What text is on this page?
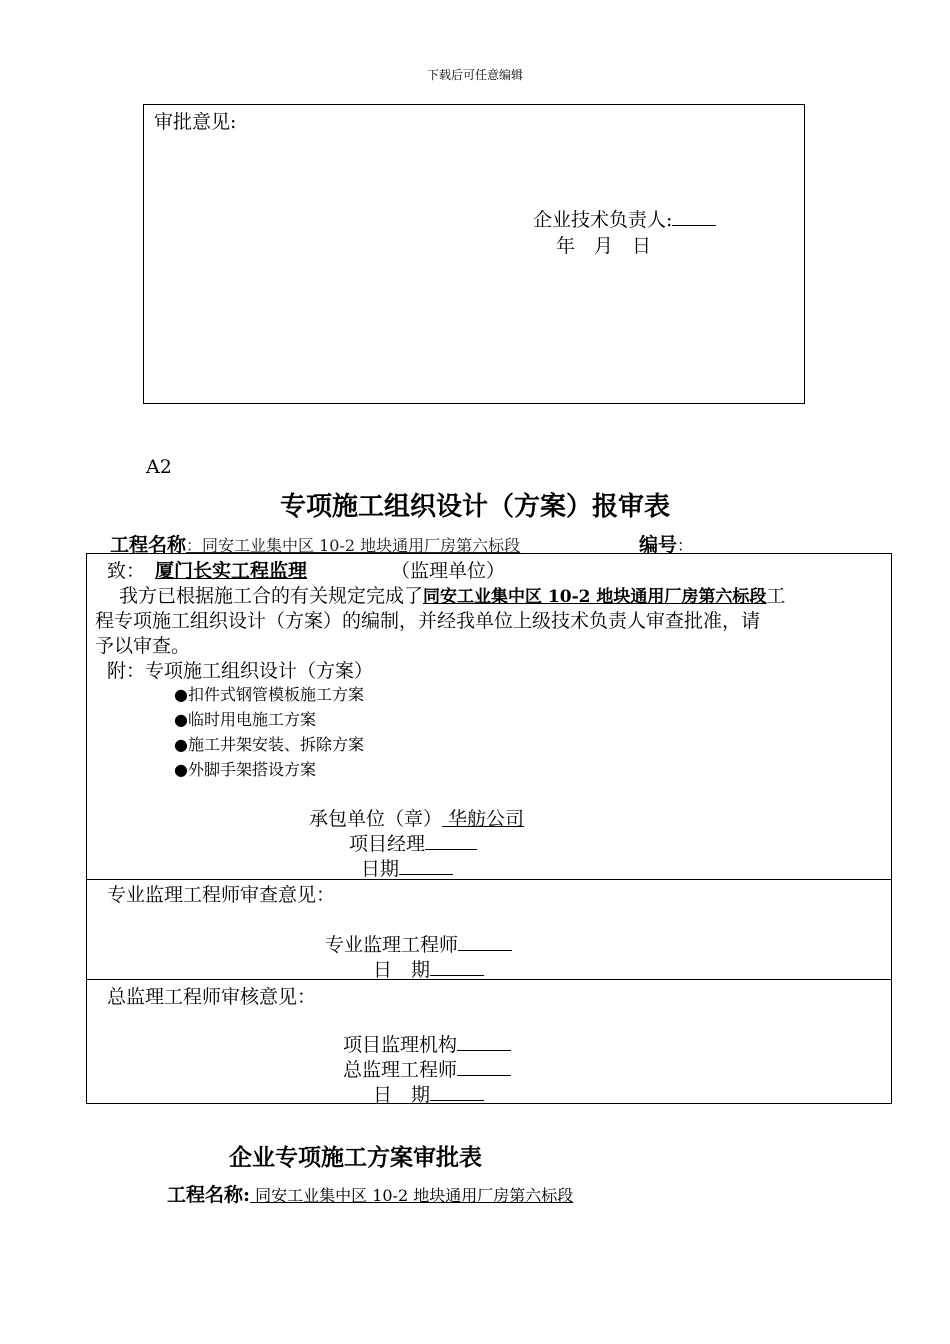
下载后可任意编辑
审批意见:
企业技术负责人:
年　月　日
A2
专项施工组织设计（方案）报审表
工程名称：同安工业集中区 10-2 地块通用厂房第六标段	编号：
致： 厦门长实工程监理	（监理单位）
我方已根据施工合的有关规定完成了同安工业集中区 10-2 地块通用厂房第六标段工
程专项施工组织设计（方案）的编制，并经我单位上级技术负责人审查批准，请
予以审查。
附：专项施工组织设计（方案）
●扣件式钢管模板施工方案
●临时用电施工方案
●施工井架安装、拆除方案
●外脚手架搭设方案
承包单位（章） 华舫公司
项目经理
日期
专业监理工程师审查意见：
专业监理工程师
日　期
总监理工程师审核意见：
项目监理机构
总监理工程师
日　期
企业专项施工方案审批表
工程名称: 同安工业集中区 10-2 地块通用厂房第六标段
